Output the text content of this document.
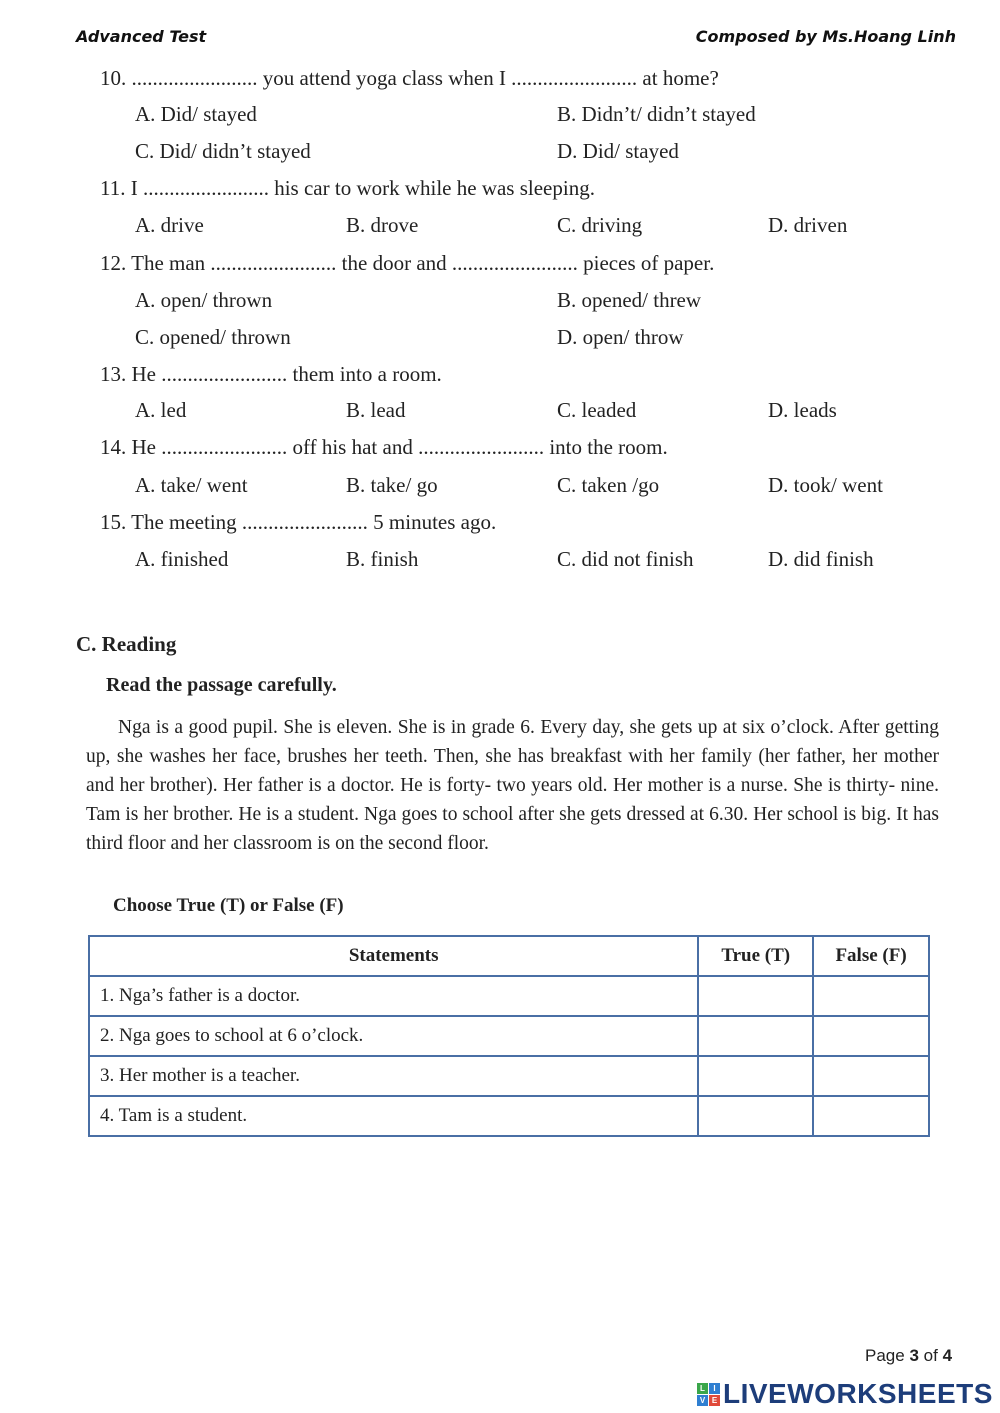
Advanced Test	Composed by Ms.Hoang Linh
10. ........................ you attend yoga class when I ........................ at home?
A. Did/ stayed	B. Didn’t/ didn’t stayed
C. Did/ didn’t stayed	D. Did/ stayed
11. I ........................ his car to work while he was sleeping.
A. drive	B. drove	C. driving	D. driven
12. The man ........................ the door and ........................ pieces of paper.
A. open/ thrown	B. opened/ threw
C. opened/ thrown	D. open/ throw
13. He ........................ them into a room.
A. led	B. lead	C. leaded	D. leads
14. He ........................ off his hat and ........................ into the room.
A. take/ went	B. take/ go	C. taken /go	D. took/ went
15. The meeting ........................ 5 minutes ago.
A. finished	B. finish	C. did not finish	D. did finish
C. Reading
Read the passage carefully.
Nga is a good pupil. She is eleven. She is in grade 6. Every day, she gets up at six o’clock. After getting up, she washes her face, brushes her teeth. Then, she has breakfast with her family (her father, her mother and her brother). Her father is a doctor. He is forty- two years old. Her mother is a nurse. She is thirty- nine. Tam is her brother. He is a student. Nga goes to school after she gets dressed at 6.30. Her school is big. It has third floor and her classroom is on the second floor.
Choose True (T) or False (F)
Statements	True (T)	False (F)
1. Nga’s father is a doctor.		
2. Nga goes to school at 6 o’clock.		
3. Her mother is a teacher.		
4. Tam is a student.		
Page 3 of 4
L	I
V E LIVEWORKSHEETS
